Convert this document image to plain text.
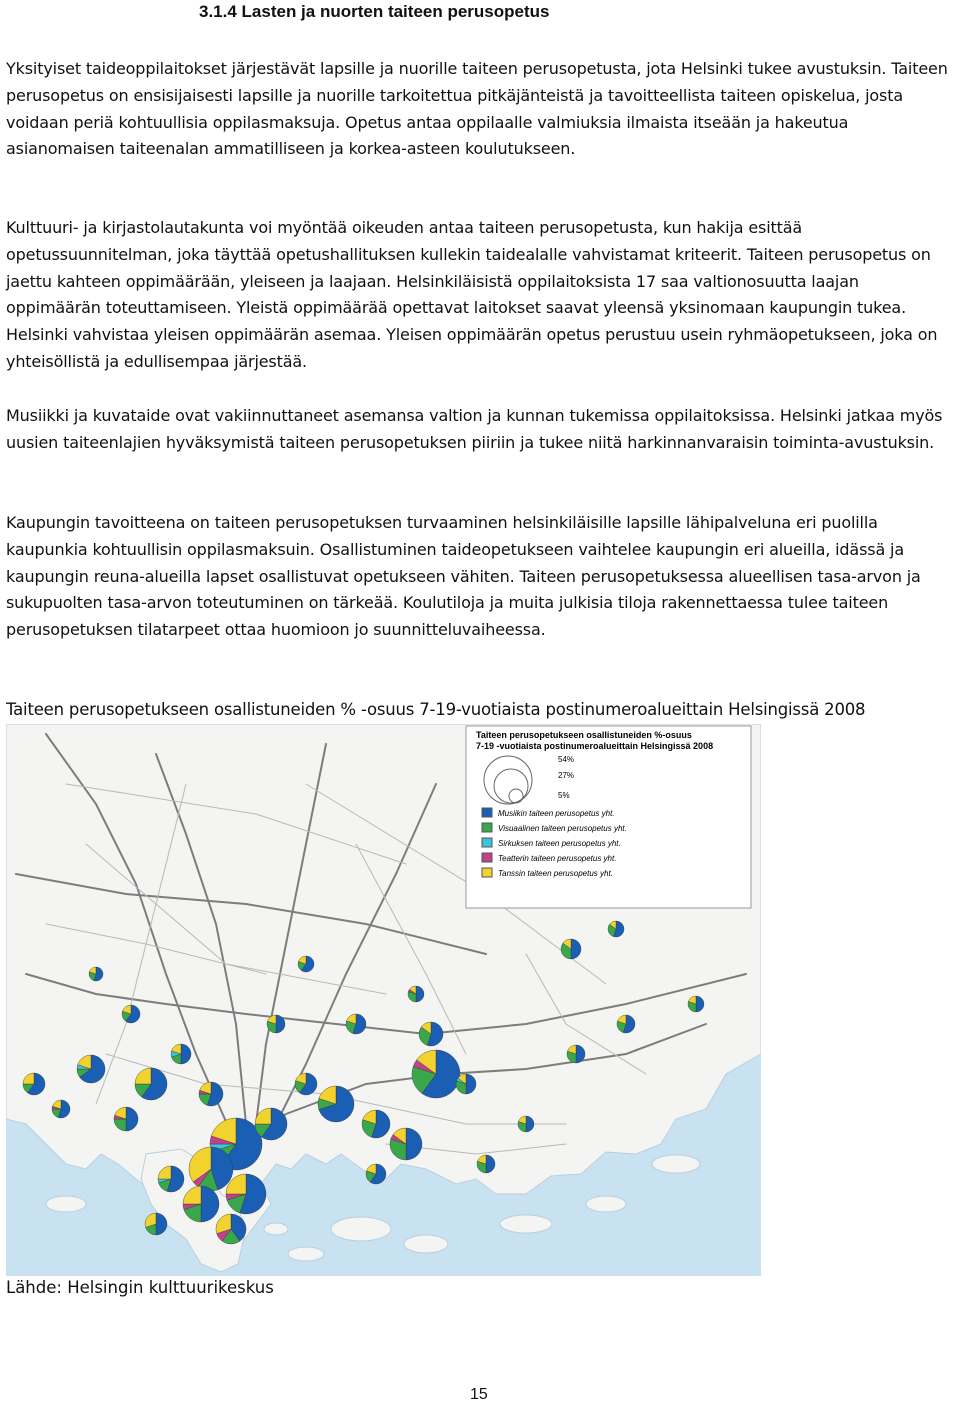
3.1.4 Lasten ja nuorten taiteen perusopetus

Yksityiset taideoppilaitokset järjestävät lapsille ja nuorille taiteen perusopetusta, jota Helsinki tukee avustuksin. Taiteen perusopetus on ensisijaisesti lapsille ja nuorille tarkoitettua pitkäjänteistä ja tavoitteellista taiteen opiskelua, josta voidaan periä kohtuullisia oppilasmaksuja. Opetus antaa oppilaalle valmiuksia ilmaista itseään ja hakeutua asianomaisen taiteenalan ammatilliseen ja korkea-asteen koulutukseen.

Kulttuuri- ja kirjastolautakunta voi myöntää oikeuden antaa taiteen perusopetusta, kun hakija esittää opetussuunnitelman, joka täyttää opetushallituksen kullekin taidealalle vahvistamat kriteerit. Taiteen perusopetus on jaettu kahteen oppimäärään, yleiseen ja laajaan. Helsinkiläisistä oppilaitoksista 17 saa valtionosuutta laajan oppimäärän toteuttamiseen. Yleistä oppimäärää opettavat laitokset saavat yleensä yksinomaan kaupungin tukea. Helsinki vahvistaa yleisen oppimäärän asemaa. Yleisen oppimäärän opetus perustuu usein ryhmäopetukseen, joka on yhteisöllistä ja edullisempaa järjestää.

Musiikki ja kuvataide ovat vakiinnuttaneet asemansa valtion ja kunnan tukemissa oppilaitoksissa. Helsinki jatkaa myös uusien taiteenlajien hyväksymistä taiteen perusopetuksen piiriin ja tukee niitä harkinnanvaraisin toiminta-avustuksin.

Kaupungin tavoitteena on taiteen perusopetuksen turvaaminen helsinkiläisille lapsille lähipalveluna eri puolilla kaupunkia kohtuullisin oppilasmaksuin. Osallistuminen taideopetukseen vaihtelee kaupungin eri alueilla, idässä ja kaupungin reuna-alueilla lapset osallistuvat opetukseen vähiten. Taiteen perusopetuksessa alueellisen tasa-arvon ja sukupuolten tasa-arvon toteutuminen on tärkeää. Koulutiloja ja muita julkisia tiloja rakennettaessa tulee taiteen perusopetuksen tilatarpeet ottaa huomioon jo suunnitteluvaiheessa.

Taiteen perusopetukseen osallistuneiden % -osuus 7-19-vuotiaista postinumeroalueittain Helsingissä 2008

Taiteen perusopetukseen osallistuneiden %-osuus
7-19 -vuotiaista postinumeroalueittain Helsingissä 2008
54%
27%
5%
Musiikin taiteen perusopetus yht.
Visuaalinen taiteen perusopetus yht.
Sirkuksen taiteen perusopetus yht.
Teatterin taiteen perusopetus yht.
Tanssin taiteen perusopetus yht.

Lähde: Helsingin kulttuurikeskus

15
